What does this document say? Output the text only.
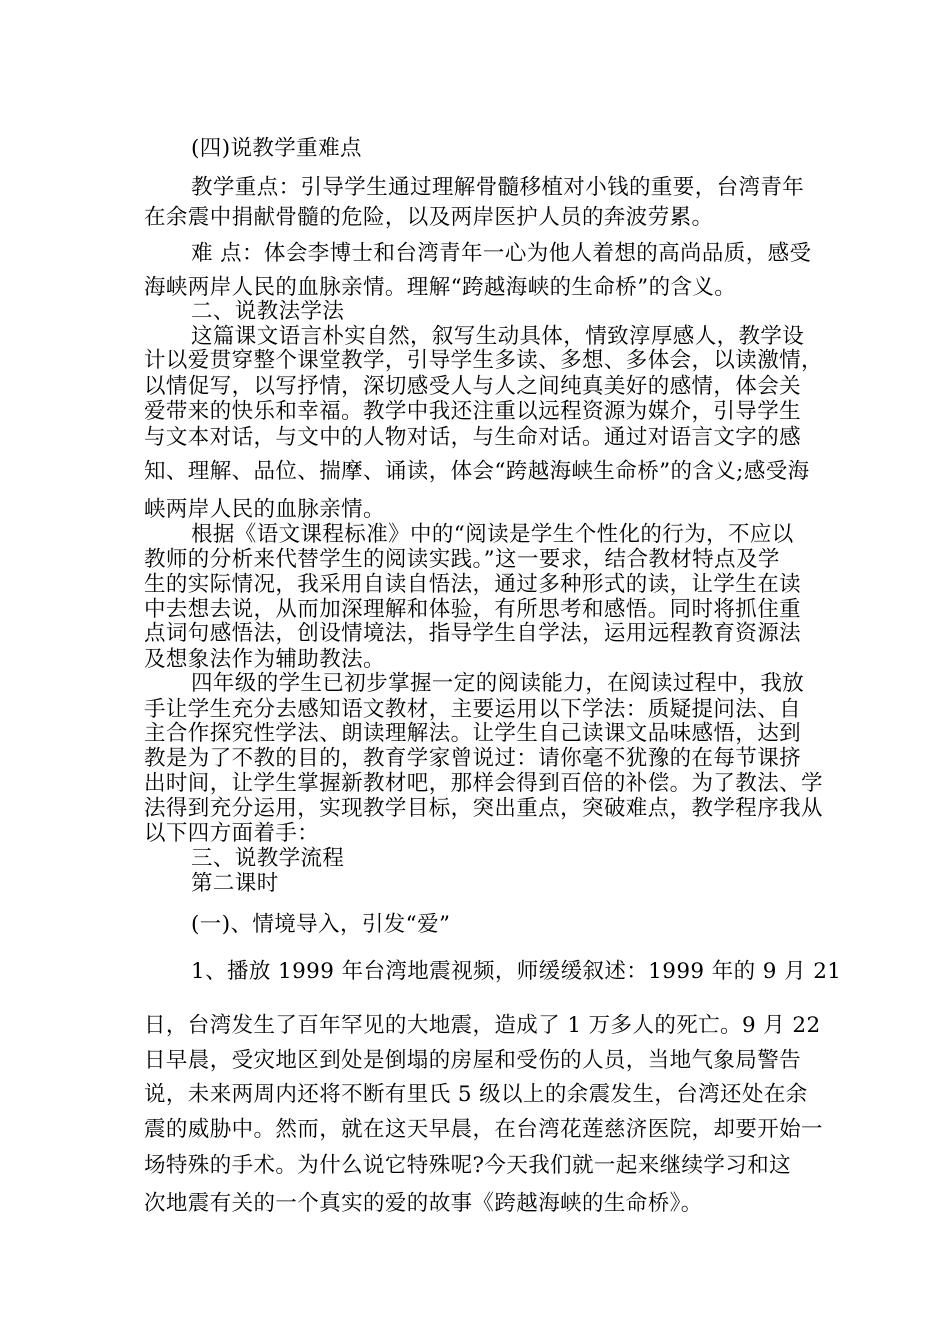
(四)说教学重难点
教学重点：引导学生通过理解骨髓移植对小钱的重要，台湾青年
在余震中捐献骨髓的危险，以及两岸医护人员的奔波劳累。
难 点：体会李博士和台湾青年一心为他人着想的高尚品质，感受
海峡两岸人民的血脉亲情。理解“跨越海峡的生命桥”的含义。
二、说教法学法
这篇课文语言朴实自然，叙写生动具体，情致淳厚感人，教学设
计以爱贯穿整个课堂教学，引导学生多读、多想、多体会，以读激情，
以情促写，以写抒情，深切感受人与人之间纯真美好的感情，体会关
爱带来的快乐和幸福。教学中我还注重以远程资源为媒介，引导学生
与文本对话，与文中的人物对话，与生命对话。通过对语言文字的感
知、理解、品位、揣摩、诵读，体会“跨越海峡生命桥”的含义;感受海
峡两岸人民的血脉亲情。
根据《语文课程标准》中的“阅读是学生个性化的行为，不应以
教师的分析来代替学生的阅读实践。”这一要求，结合教材特点及学
生的实际情况，我采用自读自悟法，通过多种形式的读，让学生在读
中去想去说，从而加深理解和体验，有所思考和感悟。同时将抓住重
点词句感悟法，创设情境法，指导学生自学法，运用远程教育资源法
及想象法作为辅助教法。
四年级的学生已初步掌握一定的阅读能力，在阅读过程中，我放
手让学生充分去感知语文教材，主要运用以下学法：质疑提问法、自
主合作探究性学法、朗读理解法。让学生自己读课文品味感悟，达到
教是为了不教的目的，教育学家曾说过：请你毫不犹豫的在每节课挤
出时间，让学生掌握新教材吧，那样会得到百倍的补偿。为了教法、学
法得到充分运用，实现教学目标，突出重点，突破难点，教学程序我从
以下四方面着手：
三、说教学流程
第二课时
(一)、情境导入，引发“爱”
1、播放 1999 年台湾地震视频，师缓缓叙述：1999 年的 9 月 21
日，台湾发生了百年罕见的大地震，造成了 1 万多人的死亡。9 月 22
日早晨，受灾地区到处是倒塌的房屋和受伤的人员，当地气象局警告
说，未来两周内还将不断有里氏 5 级以上的余震发生，台湾还处在余
震的威胁中。然而，就在这天早晨，在台湾花莲慈济医院，却要开始一
场特殊的手术。为什么说它特殊呢?今天我们就一起来继续学习和这
次地震有关的一个真实的爱的故事《跨越海峡的生命桥》。
